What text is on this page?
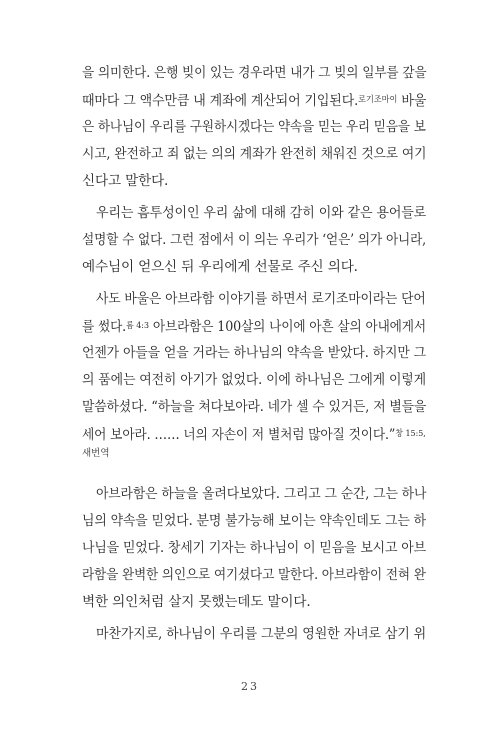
을 의미한다. 은행 빚이 있는 경우라면 내가 그 빚의 일부를 갚을
때마다 그 액수만큼 내 계좌에 계산되어 기입된다.$^{로기조마이}$ 바울
은 하나님이 우리를 구원하시겠다는 약속을 믿는 우리 믿음을 보
시고, 완전하고 죄 없는 의의 계좌가 완전히 채워진 것으로 여기
신다고 말한다.
우리는 흠투성이인 우리 삶에 대해 감히 이와 같은 용어들로
설명할 수 없다. 그런 점에서 이 의는 우리가 ‘얻은’ 의가 아니라,
예수님이 얻으신 뒤 우리에게 선물로 주신 의다.
사도 바울은 아브라함 이야기를 하면서 로기조마이라는 단어
를 썼다.$^{롬 4:3}$ 아브라함은 100살의 나이에 아흔 살의 아내에게서
언젠가 아들을 얻을 거라는 하나님의 약속을 받았다. 하지만 그
의 품에는 여전히 아기가 없었다. 이에 하나님은 그에게 이렇게
말씀하셨다. “하늘을 쳐다보아라. 네가 셀 수 있거든, 저 별들을
세어 보아라. …… 너의 자손이 저 별처럼 많아질 것이다.”$^{창 15:5,}$
새번역
아브라함은 하늘을 올려다보았다. 그리고 그 순간, 그는 하나
님의 약속을 믿었다. 분명 불가능해 보이는 약속인데도 그는 하
나님을 믿었다. 창세기 기자는 하나님이 이 믿음을 보시고 아브
라함을 완벽한 의인으로 여기셨다고 말한다. 아브라함이 전혀 완
벽한 의인처럼 살지 못했는데도 말이다.
마찬가지로, 하나님이 우리를 그분의 영원한 자녀로 삼기 위
23
